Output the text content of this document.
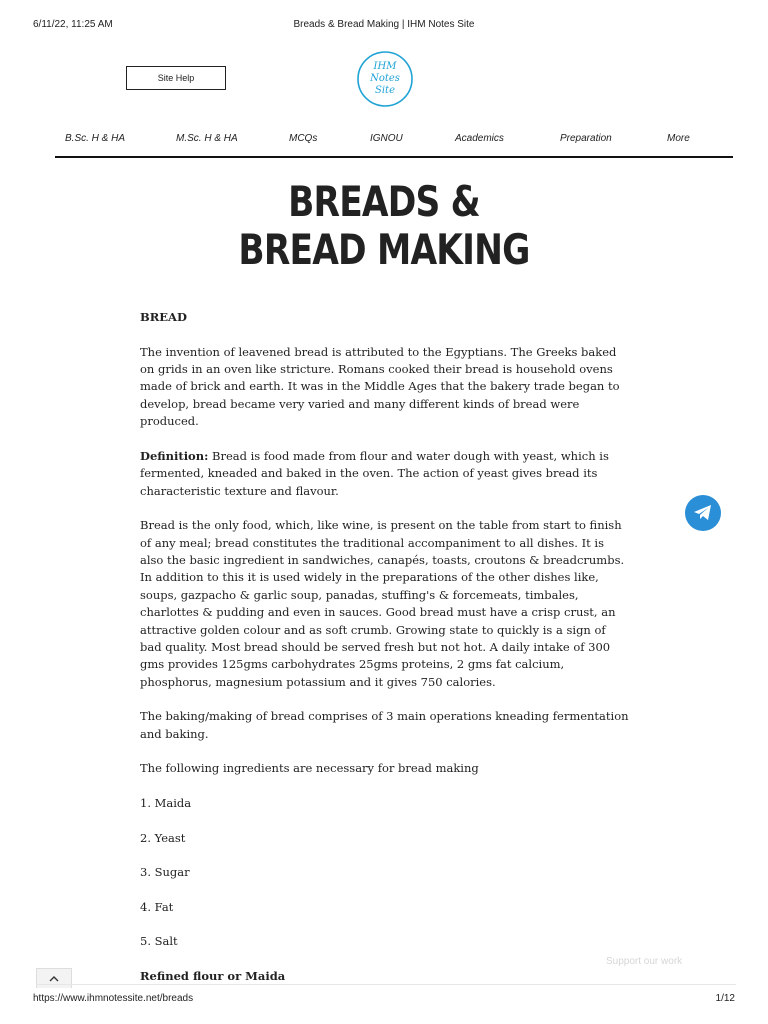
6/11/22, 11:25 AM	Breads & Bread Making | IHM Notes Site
Site Help
IHM
Notes
Site
B.Sc. H & HA	M.Sc. H & HA	MCQs	IGNOU	Academics	Preparation	More
BREADS &
BREAD MAKING

BREAD

The invention of leavened bread is attributed to the Egyptians. The Greeks baked on grids in an oven like stricture. Romans cooked their bread is household ovens made of brick and earth. It was in the Middle Ages that the bakery trade began to develop, bread became very varied and many different kinds of bread were produced.

Definition: Bread is food made from flour and water dough with yeast, which is fermented, kneaded and baked in the oven. The action of yeast gives bread its characteristic texture and flavour.

Bread is the only food, which, like wine, is present on the table from start to finish of any meal; bread constitutes the traditional accompaniment to all dishes. It is also the basic ingredient in sandwiches, canapés, toasts, croutons & breadcrumbs. In addition to this it is used widely in the preparations of the other dishes like, soups, gazpacho & garlic soup, panadas, stuffing's & forcemeats, timbales, charlottes & pudding and even in sauces. Good bread must have a crisp crust, an attractive golden colour and as soft crumb. Growing state to quickly is a sign of bad quality. Most bread should be served fresh but not hot. A daily intake of 300 gms provides 125gms carbohydrates 25gms proteins, 2 gms fat calcium, phosphorus, magnesium potassium and it gives 750 calories.

The baking/making of bread comprises of 3 main operations kneading fermentation and baking.

The following ingredients are necessary for bread making

1. Maida

2. Yeast

3. Sugar

4. Fat

5. Salt

Refined flour or Maida

Support our work
https://www.ihmnotessite.net/breads	1/12
